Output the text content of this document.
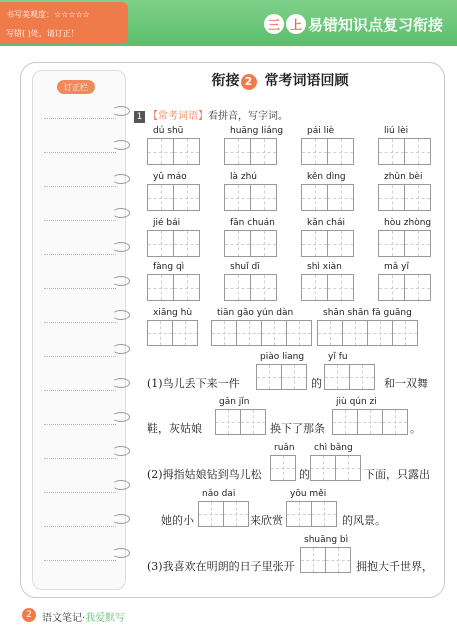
书写美观度：☆☆☆☆☆
写错( )处，请订正！
三 上 易错知识点复习衔接
订正栏	衔接 2 常考词语回顾
1 【常考词语】看拼音，写字词。
dú shū	huāng liáng	pái liè	liú lèi
yǔ máo	là zhú	kěn dìng	zhǔn bèi
jié bái	fān chuán	kǎn chái	hòu zhòng
fàng qì	shuǐ dī	shì xiàn	mǎ yǐ
xiāng hù	tiān gāo yún dàn	shān shān fā guāng
(1)鸟儿丢下来一件
piào liang
的
yǐ fu
和一双舞
鞋，灰姑娘
gǎn jǐn
换下了那条
jiù qún zi
。
(2)拇指姑娘钻到鸟儿松
ruǎn
的
chì bǎng
下面，只露出
她的小
nǎo dai
来欣赏
yōu měi
的风景。
(3)我喜欢在明朗的日子里张开
shuāng bì
拥抱大千世界，
2	语文笔记·我爱默写
